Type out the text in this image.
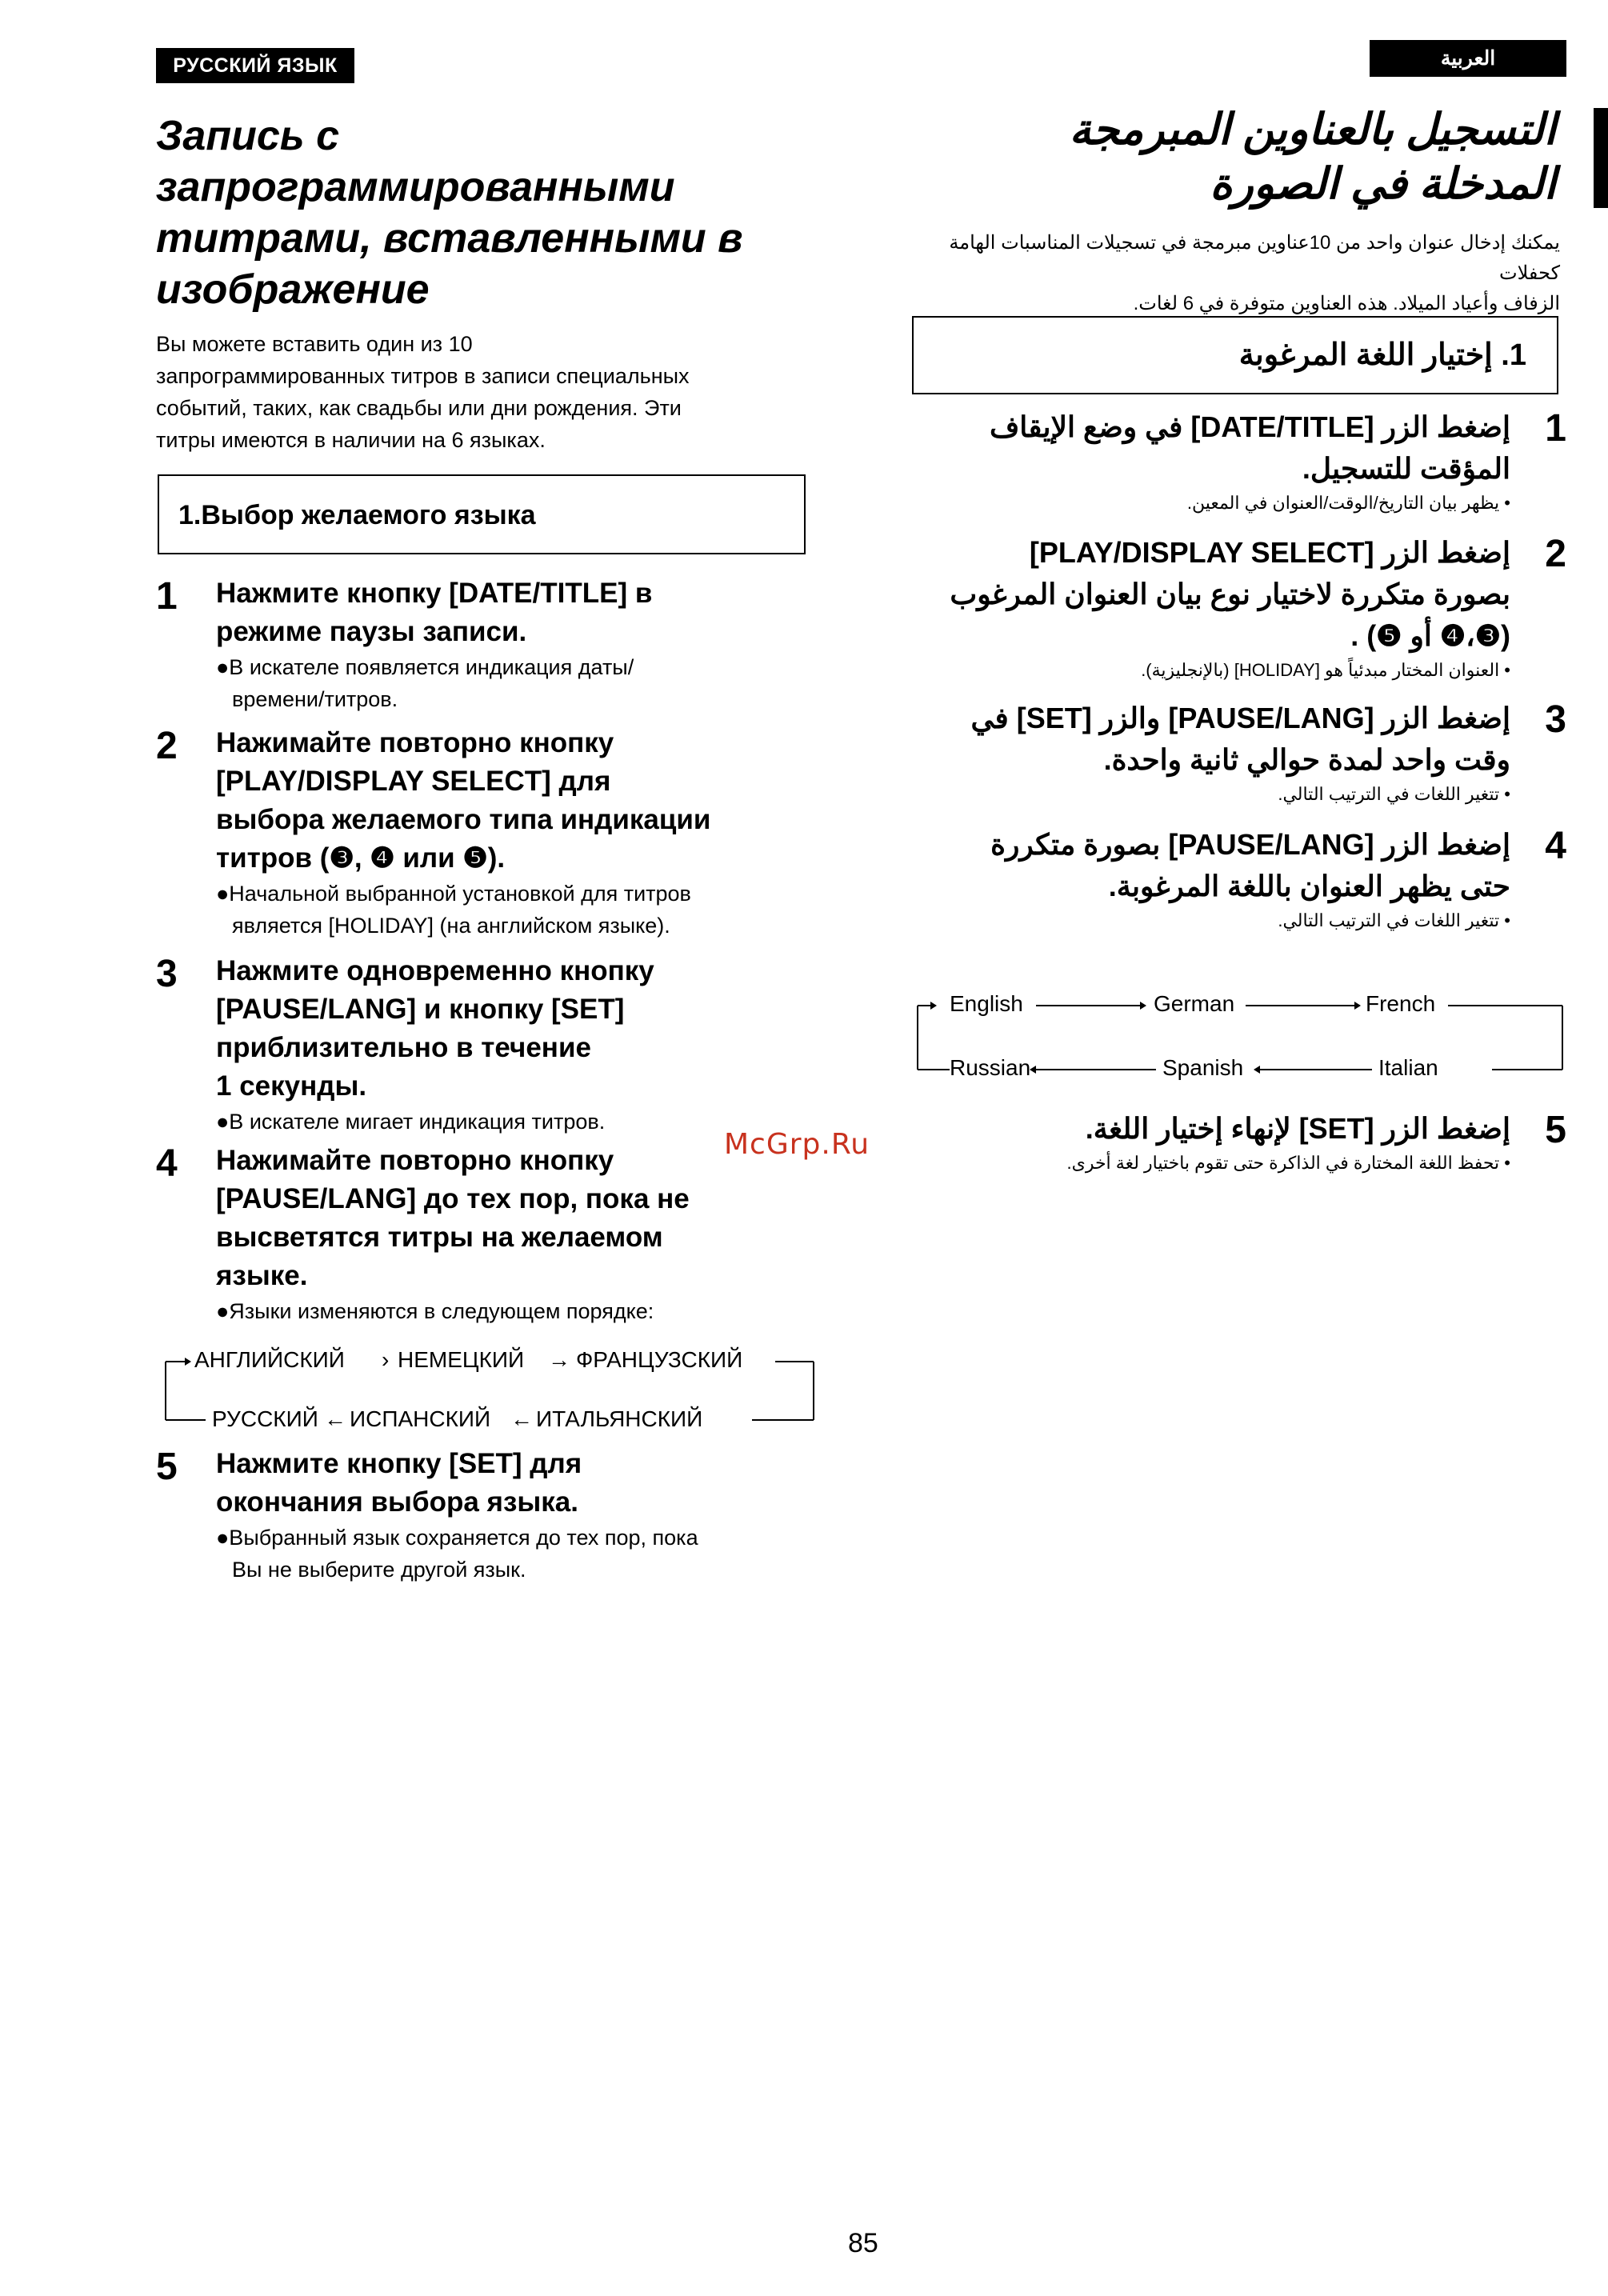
РУССКИЙ ЯЗЫК
Запись с
запрограммированными
титрами, вставленными в
изображение
Вы можете вставить один из 10
запрограммированных титров в записи специальных
событий, таких, как свадьбы или дни рождения. Эти
титры имеются в наличии на 6 языках.
1.Выбор желаемого языка
1 Нажмите кнопку [DATE/TITLE] в
режиме паузы записи.
●В искателе появляется индикация даты/
времени/титров.
2 Нажимайте повторно кнопку
[PLAY/DISPLAY SELECT] для
выбора желаемого типа индикации
титров (❸, ❹ или ❺).
●Начальной выбранной установкой для титров
является [HOLIDAY] (на английском языке).
3 Нажмите одновременно кнопку
[PAUSE/LANG] и кнопку [SET]
приблизительно в течение
1 секунды.
●В искателе мигает индикация титров.
4 Нажимайте повторно кнопку
[PAUSE/LANG] до тех пор, пока не
высветятся титры на желаемом
языке.
●Языки изменяются в следующем порядке:
АНГЛИЙСКИЙ › НЕМЕЦКИЙ → ФРАНЦУЗСКИЙ
РУССКИЙ ← ИСПАНСКИЙ ← ИТАЛЬЯНСКИЙ
5 Нажмите кнопку [SET] для
окончания выбора языка.
●Выбранный язык сохраняется до тех пор, пока
Вы не выберите другой язык.
العربية
التسجيل بالعناوين المبرمجة
المدخلة في الصورة
يمكنك إدخال عنوان واحد من 10عناوين مبرمجة في تسجيلات المناسبات الهامة كحفلات
الزفاف وأعياد الميلاد. هذه العناوين متوفرة في 6 لغات.
1. إختيار اللغة المرغوبة
1
إضغط الزر [DATE/TITLE] في وضع الإيقاف
المؤقت للتسجيل.
• يظهر بيان التاريخ/الوقت/العنوان في المعين.
2
إضغط الزر [PLAY/DISPLAY SELECT]
بصورة متكررة لاختيار نوع بيان العنوان المرغوب
(❸،❹ أو ❺) .
• العنوان المختار مبدئياً هو [HOLIDAY] (بالإنجليزية).
3
إضغط الزر [PAUSE/LANG] والزر [SET] في
وقت واحد لمدة حوالي ثانية واحدة.
• تتغير اللغات في الترتيب التالي.
4
إضغط الزر [PAUSE/LANG] بصورة متكررة
حتى يظهر العنوان باللغة المرغوبة.
• تتغير اللغات في الترتيب التالي.
English	German	French
Russian	Spanish	Italian
5
إضغط الزر [SET] لإنهاء إختيار اللغة.
• تحفظ اللغة المختارة في الذاكرة حتى تقوم باختيار لغة أخرى.
McGrp.Ru
85
